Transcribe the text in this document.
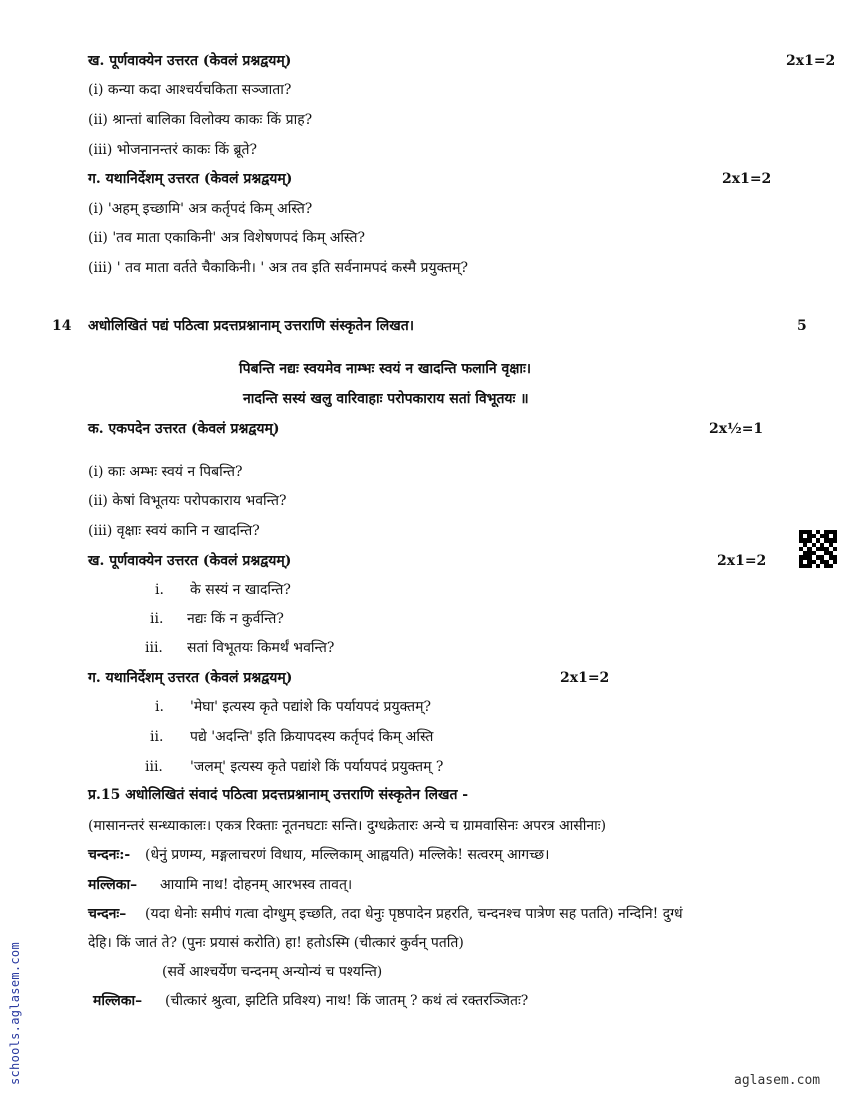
ख. पूर्णवाक्येन उत्तरत (केवलं प्रश्नद्वयम्)	2x1=2
(i) कन्या कदा आश्चर्यचकिता सञ्जाता?
(ii) श्रान्तां बालिका विलोक्य काकः किं प्राह?
(iii) भोजनानन्तरं काकः किं ब्रूते?
ग. यथानिर्देशम् उत्तरत (केवलं प्रश्नद्वयम्)	2x1=2
(i) 'अहम् इच्छामि' अत्र कर्तृपदं किम् अस्ति?
(ii) 'तव माता एकाकिनी' अत्र विशेषणपदं किम् अस्ति?
(iii) ' तव माता वर्तते चैकाकिनी। ' अत्र तव इति सर्वनामपदं कस्मै प्रयुक्तम्?
14 अधोलिखितं पद्यं पठित्वा प्रदत्तप्रश्नानाम् उत्तराणि संस्कृतेन लिखत।	5
पिबन्ति नद्यः स्वयमेव नाम्भः स्वयं न खादन्ति फलानि वृक्षाः।
नादन्ति सस्यं खलु वारिवाहाः परोपकाराय सतां विभूतयः ॥
क. एकपदेन उत्तरत (केवलं प्रश्नद्वयम्)	2x½=1
(i) काः अम्भः स्वयं न पिबन्ति?
(ii) केषां विभूतयः परोपकाराय भवन्ति?
(iii) वृक्षाः स्वयं कानि न खादन्ति?
ख. पूर्णवाक्येन उत्तरत (केवलं प्रश्नद्वयम्)	2x1=2
i. के सस्यं न खादन्ति?
ii. नद्यः किं न कुर्वन्ति?
iii. सतां विभूतयः किमर्थं भवन्ति?
ग. यथानिर्देशम् उत्तरत (केवलं प्रश्नद्वयम्)	2x1=2
i. 'मेघा' इत्यस्य कृते पद्यांशे कि पर्यायपदं प्रयुक्तम्?
ii. पद्ये 'अदन्ति' इति क्रियापदस्य कर्तृपदं किम् अस्ति
iii. 'जलम्' इत्यस्य कृते पद्यांशे किं पर्यायपदं प्रयुक्तम् ?
प्र.15 अधोलिखितं संवादं पठित्वा प्रदत्तप्रश्नानाम् उत्तराणि संस्कृतेन लिखत -
(मासानन्तरं सन्ध्याकालः। एकत्र रिक्ताः नूतनघटाः सन्ति। दुग्धक्रेतारः अन्ये च ग्रामवासिनः अपरत्र आसीनाः)
चन्दनः:- (धेनुं प्रणम्य, मङ्गलाचरणं विधाय, मल्लिकाम् आह्वयति) मल्लिके! सत्वरम् आगच्छ।
मल्लिका– आयामि नाथ! दोहनम् आरभस्व तावत्।
चन्दनः– (यदा धेनोः समीपं गत्वा दोग्धुम् इच्छति, तदा धेनुः पृष्ठपादेन प्रहरति, चन्दनश्च पात्रेण सह पतति) नन्दिनि! दुग्धं
देहि। किं जातं ते? (पुनः प्रयासं करोति) हा! हतोऽस्मि (चीत्कारं कुर्वन् पतति)
(सर्वे आश्चर्येण चन्दनम् अन्योन्यं च पश्यन्ति)
मल्लिका– (चीत्कारं श्रुत्वा, झटिति प्रविश्य) नाथ! किं जातम् ? कथं त्वं रक्तरञ्जितः?
schools.aglasem.com	aglasem.com
